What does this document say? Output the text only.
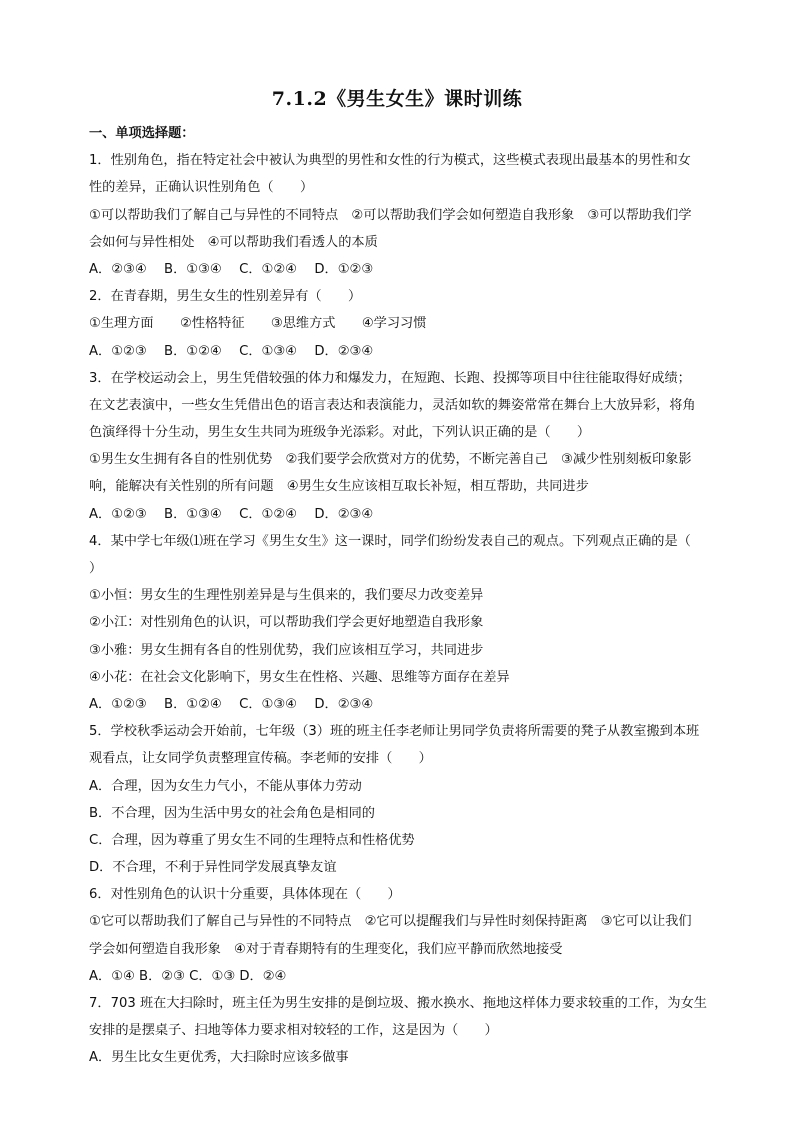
7.1.2《男生女生》课时训练
一、单项选择题：
1．性别角色，指在特定社会中被认为典型的男性和女性的行为模式，这些模式表现出最基本的男性和女
性的差异，正确认识性别角色（　　）
①可以帮助我们了解自己与异性的不同特点　②可以帮助我们学会如何塑造自我形象　③可以帮助我们学
会如何与异性相处　④可以帮助我们看透人的本质
A．②③④　 B．①③④　 C．①②④　 D．①②③
2．在青春期，男生女生的性别差异有（　　）
①生理方面　　②性格特征　　③思维方式　　④学习习惯
A．①②③　 B．①②④　 C．①③④　 D．②③④
3．在学校运动会上，男生凭借较强的体力和爆发力，在短跑、长跑、投掷等项目中往往能取得好成绩；
在文艺表演中，一些女生凭借出色的语言表达和表演能力，灵活如软的舞姿常常在舞台上大放异彩，将角
色演绎得十分生动，男生女生共同为班级争光添彩。对此，下列认识正确的是（　　）
①男生女生拥有各自的性别优势　②我们要学会欣赏对方的优势，不断完善自己　③减少性别刻板印象影
响，能解决有关性别的所有问题　④男生女生应该相互取长补短，相互帮助，共同进步
A．①②③　 B．①③④　 C．①②④　 D．②③④
4．某中学七年级⑴班在学习《男生女生》这一课时，同学们纷纷发表自己的观点。下列观点正确的是（
）
①小恒：男女生的生理性别差异是与生俱来的，我们要尽力改变差异
②小江：对性别角色的认识，可以帮助我们学会更好地塑造自我形象
③小雅：男女生拥有各自的性别优势，我们应该相互学习，共同进步
④小花：在社会文化影响下，男女生在性格、兴趣、思维等方面存在差异
A．①②③　 B．①②④　 C．①③④　 D．②③④
5．学校秋季运动会开始前，七年级（3）班的班主任李老师让男同学负责将所需要的凳子从教室搬到本班
观看点，让女同学负责整理宣传稿。李老师的安排（　　）
A．合理，因为女生力气小，不能从事体力劳动
B．不合理，因为生活中男女的社会角色是相同的
C．合理，因为尊重了男女生不同的生理特点和性格优势
D．不合理，不利于异性同学发展真挚友谊
6．对性别角色的认识十分重要，具体体现在（　　）
①它可以帮助我们了解自己与异性的不同特点　②它可以提醒我们与异性时刻保持距离　③它可以让我们
学会如何塑造自我形象　④对于青春期特有的生理变化，我们应平静而欣然地接受
A．①④ B．②③ C．①③ D．②④
7．703 班在大扫除时，班主任为男生安排的是倒垃圾、搬水换水、拖地这样体力要求较重的工作，为女生
安排的是摆桌子、扫地等体力要求相对较轻的工作，这是因为（　　）
A．男生比女生更优秀，大扫除时应该多做事
